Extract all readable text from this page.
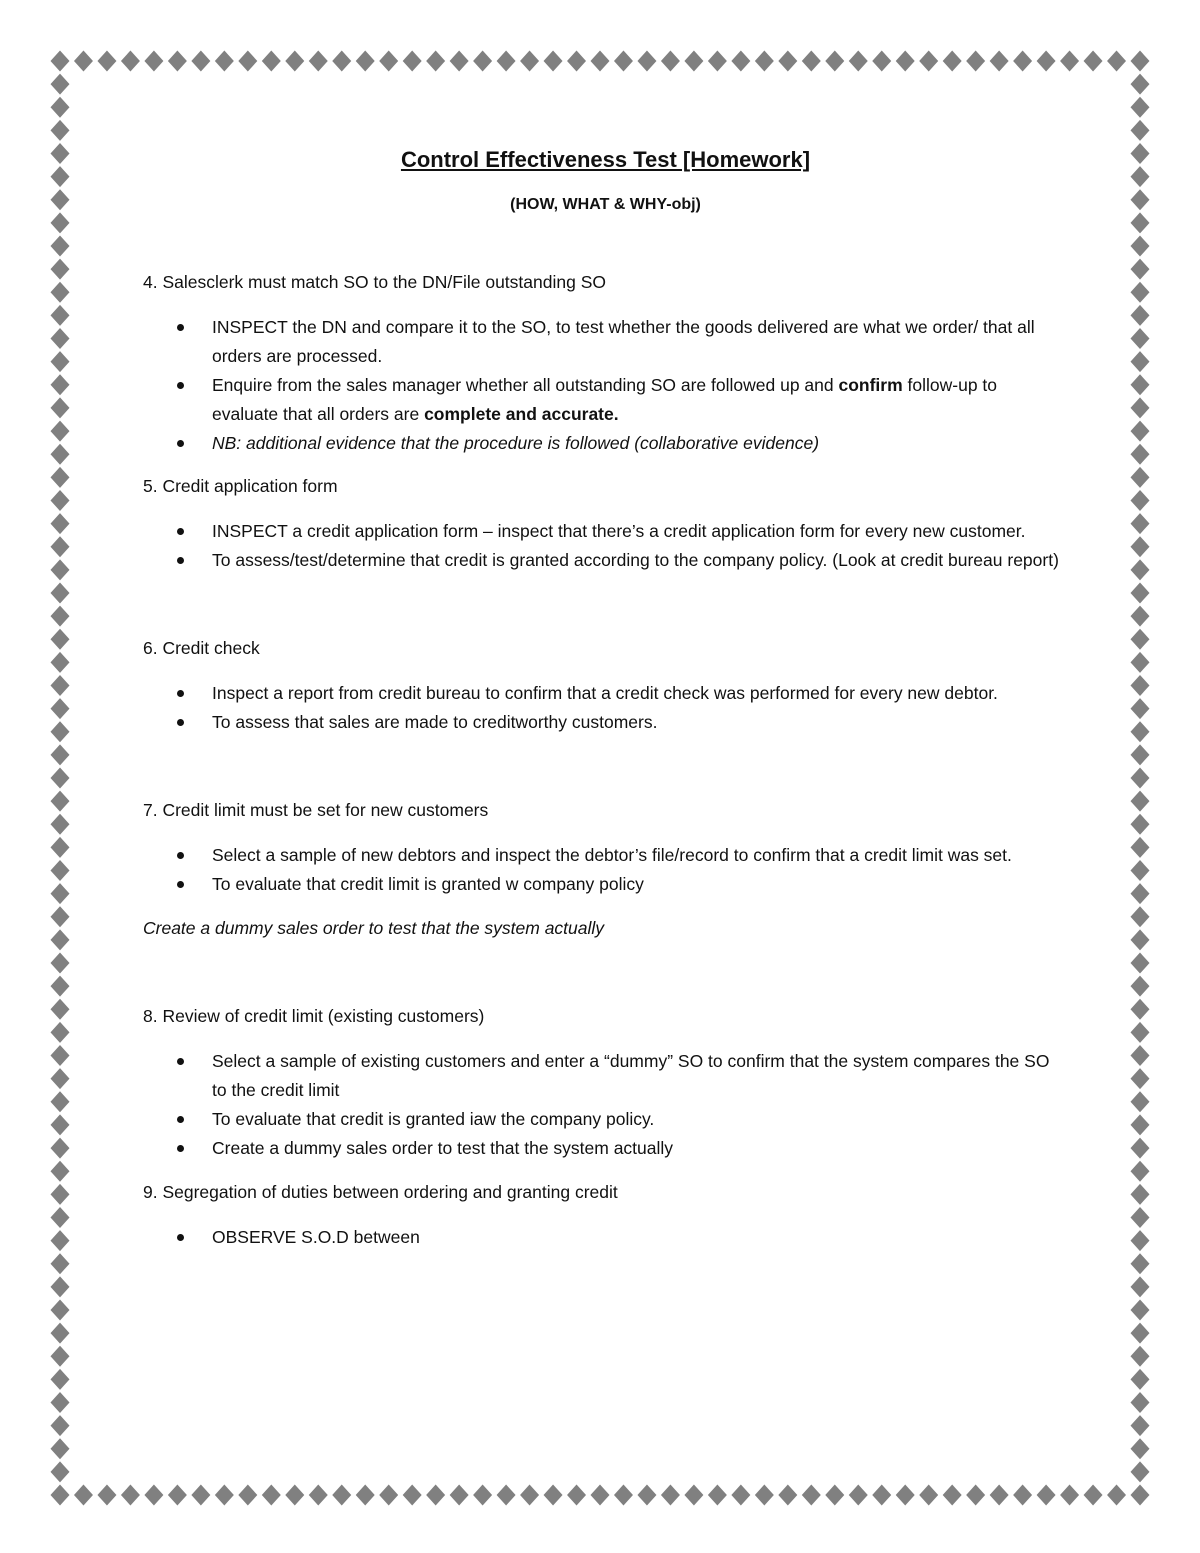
Control Effectiveness Test [Homework]

(HOW, WHAT & WHY-obj)

4. Salesclerk must match SO to the DN/File outstanding SO

INSPECT the DN and compare it to the SO, to test whether the goods delivered are what we order/ that all orders are processed.
Enquire from the sales manager whether all outstanding SO are followed up and confirm follow-up to evaluate that all orders are complete and accurate.
NB: additional evidence that the procedure is followed (collaborative evidence)

5. Credit application form

INSPECT a credit application form – inspect that there’s a credit application form for every new customer.
To assess/test/determine that credit is granted according to the company policy. (Look at credit bureau report)

6. Credit check

Inspect a report from credit bureau to confirm that a credit check was performed for every new debtor.
To assess that sales are made to creditworthy customers.

7. Credit limit must be set for new customers

Select a sample of new debtors and inspect the debtor’s file/record to confirm that a credit limit was set.
To evaluate that credit limit is granted w company policy

Create a dummy sales order to test that the system actually

8. Review of credit limit (existing customers)

Select a sample of existing customers and enter a “dummy” SO to confirm that the system compares the SO to the credit limit
To evaluate that credit is granted iaw the company policy.
Create a dummy sales order to test that the system actually

9. Segregation of duties between ordering and granting credit

OBSERVE S.O.D between
